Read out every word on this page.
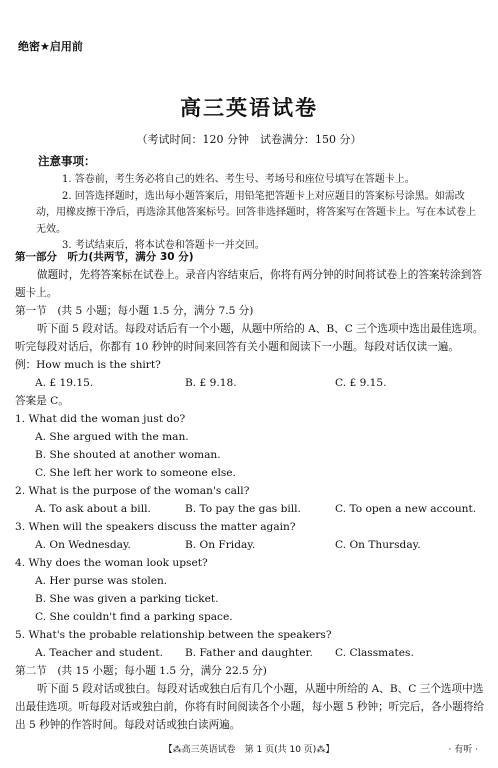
绝密★启用前
高三英语试卷
（考试时间：120 分钟　试卷满分：150 分）
注意事项：

1. 答卷前，考生务必将自己的姓名、考生号、考场号和座位号填写在答题卡上。

2. 回答选择题时，选出每小题答案后，用铅笔把答题卡上对应题目的答案标号涂黑。如需改动，用橡皮擦干净后，再选涂其他答案标号。回答非选择题时，将答案写在答题卡上。写在本试卷上无效。

3. 考试结束后，将本试卷和答题卡一并交回。

第一部分　听力(共两节，满分 30 分)

做题时，先将答案标在试卷上。录音内容结束后，你将有两分钟的时间将试卷上的答案转涂到答题卡上。

第一节　(共 5 小题；每小题 1.5 分，满分 7.5 分)

听下面 5 段对话。每段对话后有一个小题，从题中所给的 A、B、C 三个选项中选出最佳选项。听完每段对话后，你都有 10 秒钟的时间来回答有关小题和阅读下一小题。每段对话仅读一遍。

例：How much is the shirt?

A. £ 19.15.	B. £ 9.18.	C. £ 9.15.

答案是 C。

1. What did the woman just do?

A. She argued with the man.

B. She shouted at another woman.

C. She left her work to someone else.

2. What is the purpose of the woman's call?

A. To ask about a bill.	B. To pay the gas bill.	C. To open a new account.

3. When will the speakers discuss the matter again?

A. On Wednesday.	B. On Friday.	C. On Thursday.

4. Why does the woman look upset?

A. Her purse was stolen.

B. She was given a parking ticket.

C. She couldn't find a parking space.

5. What's the probable relationship between the speakers?

A. Teacher and student.	B. Father and daughter.	C. Classmates.

第二节　(共 15 小题；每小题 1.5 分，满分 22.5 分)

听下面 5 段对话或独白。每段对话或独白后有几个小题，从题中所给的 A、B、C 三个选项中选出最佳选项。听每段对话或独白前，你将有时间阅读各个小题，每小题 5 秒钟；听完后，各小题将给出 5 秒钟的作答时间。每段对话或独白读两遍。

【⁂高三英语试卷　第 1 页(共 10 页)⁂】	· 有听 ·
